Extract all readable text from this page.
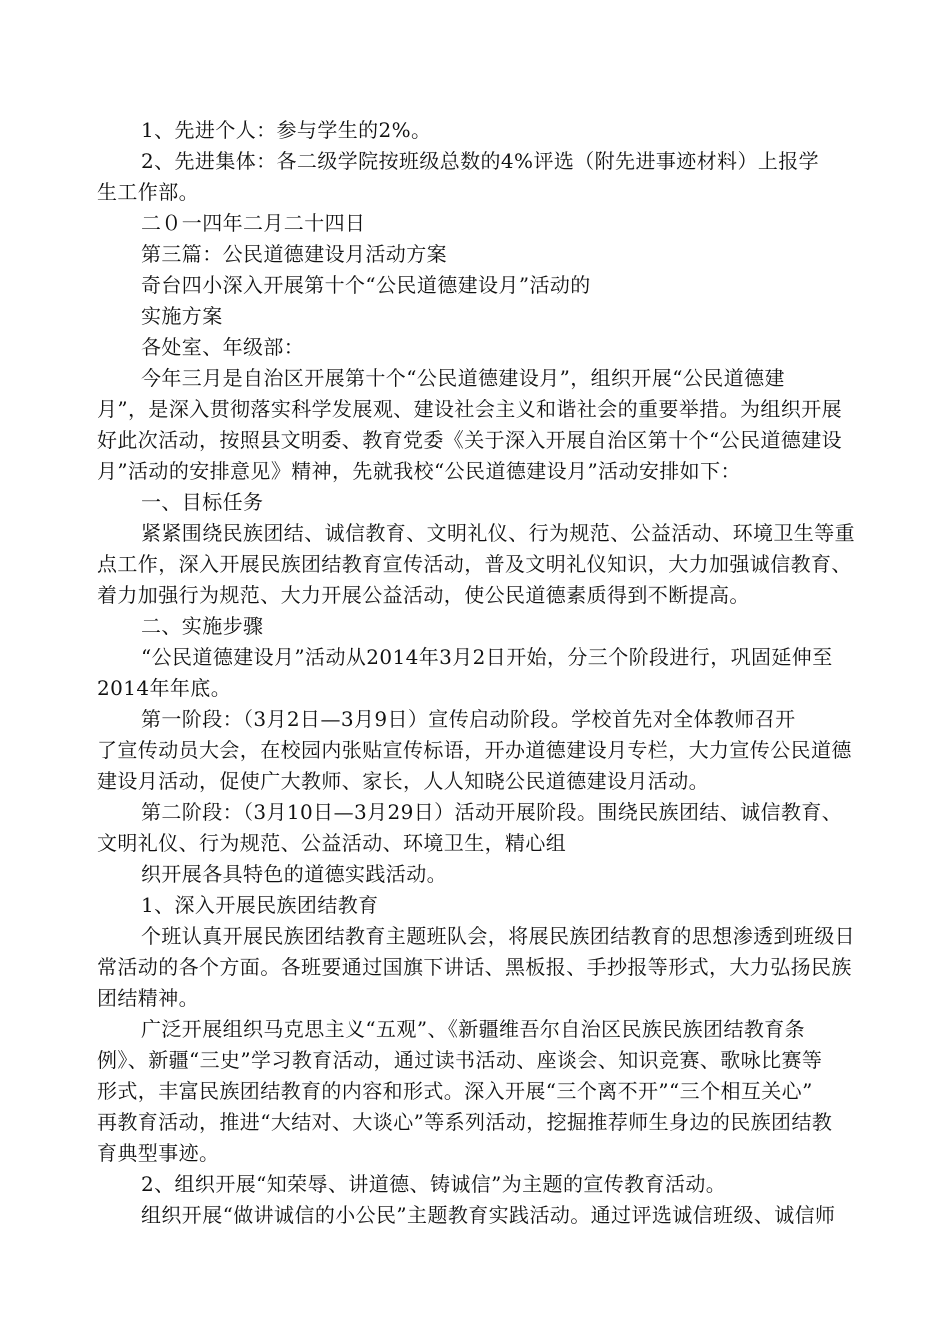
1、先进个人：参与学生的2%。
2、先进集体：各二级学院按班级总数的4%评选（附先进事迹材料）上报学
生工作部。
二０一四年二月二十四日
第三篇：公民道德建设月活动方案
奇台四小深入开展第十个“公民道德建设月”活动的
实施方案
各处室、年级部：
今年三月是自治区开展第十个“公民道德建设月”，组织开展“公民道德建
月”，是深入贯彻落实科学发展观、建设社会主义和谐社会的重要举措。为组织开展
好此次活动，按照县文明委、教育党委《关于深入开展自治区第十个“公民道德建设
月”活动的安排意见》精神，先就我校“公民道德建设月”活动安排如下：
一、目标任务
紧紧围绕民族团结、诚信教育、文明礼仪、行为规范、公益活动、环境卫生等重
点工作，深入开展民族团结教育宣传活动，普及文明礼仪知识，大力加强诚信教育、
着力加强行为规范、大力开展公益活动，使公民道德素质得到不断提高。
二、实施步骤
“公民道德建设月”活动从2014年3月2日开始，分三个阶段进行，巩固延伸至
2014年年底。
第一阶段：（3月2日—3月9日）宣传启动阶段。学校首先对全体教师召开
了宣传动员大会，在校园内张贴宣传标语，开办道德建设月专栏，大力宣传公民道德
建设月活动，促使广大教师、家长，人人知晓公民道德建设月活动。
第二阶段：（3月10日—3月29日）活动开展阶段。围绕民族团结、诚信教育、
文明礼仪、行为规范、公益活动、环境卫生，精心组
织开展各具特色的道德实践活动。
1、深入开展民族团结教育
个班认真开展民族团结教育主题班队会，将展民族团结教育的思想渗透到班级日
常活动的各个方面。各班要通过国旗下讲话、黑板报、手抄报等形式，大力弘扬民族
团结精神。
广泛开展组织马克思主义“五观”、《新疆维吾尔自治区民族民族团结教育条
例》、新疆“三史”学习教育活动，通过读书活动、座谈会、知识竞赛、歌咏比赛等
形式，丰富民族团结教育的内容和形式。深入开展“三个离不开”“三个相互关心”
再教育活动，推进“大结对、大谈心”等系列活动，挖掘推荐师生身边的民族团结教
育典型事迹。
2、组织开展“知荣辱、讲道德、铸诚信”为主题的宣传教育活动。
组织开展“做讲诚信的小公民”主题教育实践活动。通过评选诚信班级、诚信师
